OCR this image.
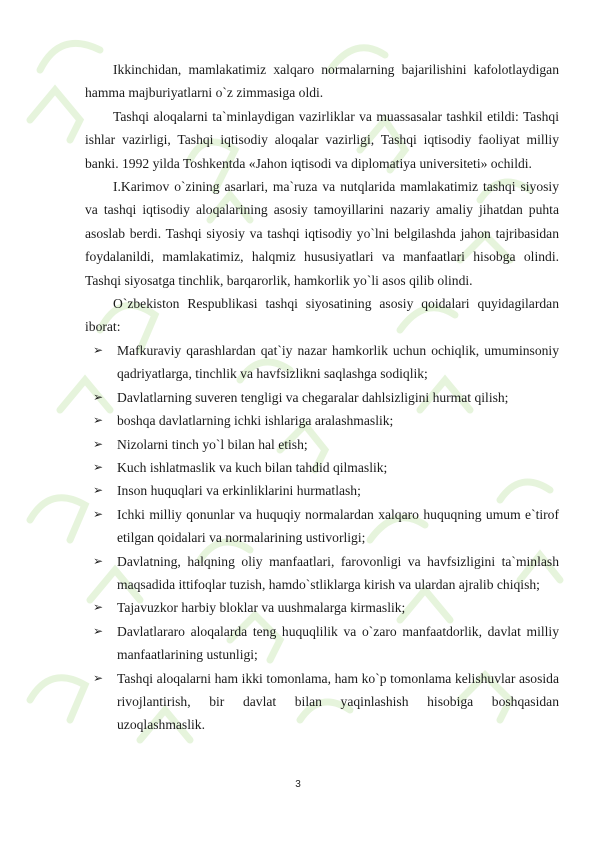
Ikkinchidan, mamlakatimiz xalqaro normalarning bajarilishini kafolotlaydigan hamma majburiyatlarni o`z zimmasiga oldi.

Tashqi aloqalarni ta`minlaydigan vazirliklar va muassasalar tashkil etildi: Tashqi ishlar vazirligi, Tashqi iqtisodiy aloqalar vazirligi, Tashqi iqtisodiy faoliyat milliy banki. 1992 yilda Toshkentda «Jahon iqtisodi va diplomatiya universiteti» ochildi.

I.Karimov o`zining asarlari, ma`ruza va nutqlarida mamlakatimiz tashqi siyosiy va tashqi iqtisodiy aloqalarining asosiy tamoyillarini nazariy amaliy jihatdan puhta asoslab berdi. Tashqi siyosiy va tashqi iqtisodiy yo`lni belgilashda jahon tajribasidan foydalanildi, mamlakatimiz, halqmiz hususiyatlari va manfaatlari hisobga olindi. Tashqi siyosatga tinchlik, barqarorlik, hamkorlik yo`li asos qilib olindi.

O`zbekiston Respublikasi tashqi siyosatining asosiy qoidalari quyidagilardan iborat:

➢ Mafkuraviy qarashlardan qat`iy nazar hamkorlik uchun ochiqlik, umuminsoniy qadriyatlarga, tinchlik va havfsizlikni saqlashga sodiqlik;
➢ Davlatlarning suveren tengligi va chegaralar dahlsizligini hurmat qilish;
➢ boshqa davlatlarning ichki ishlariga aralashmaslik;
➢ Nizolarni tinch yo`l bilan hal etish;
➢ Kuch ishlatmaslik va kuch bilan tahdid qilmaslik;
➢ Inson huquqlari va erkinliklarini hurmatlash;
➢ Ichki milliy qonunlar va huquqiy normalardan xalqaro huquqning umum e`tirof etilgan qoidalari va normalarining ustivorligi;
➢ Davlatning, halqning oliy manfaatlari, farovonligi va havfsizligini ta`minlash maqsadida ittifoqlar tuzish, hamdo`stliklarga kirish va ulardan ajralib chiqish;
➢ Tajavuzkor harbiy bloklar va uushmalarga kirmaslik;
➢ Davlatlararo aloqalarda teng huquqlilik va o`zaro manfaatdorlik, davlat milliy manfaatlarining ustunligi;
➢ Tashqi aloqalarni ham ikki tomonlama, ham ko`p tomonlama kelishuvlar asosida rivojlantirish, bir davlat bilan yaqinlashish hisobiga boshqasidan uzoqlashmaslik.
3
